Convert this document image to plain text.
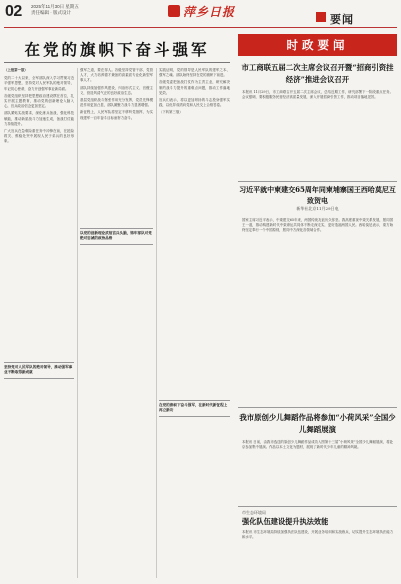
02 2025年11月30日 星期五
责任编辑 · 版式设计	萍乡日报
要闻
在党的旗帜下奋斗强军

（上接第一版）

党的二十大以来，全军部队深入学习贯彻习近平强军思想，坚持党对人民军队的绝对领导，牢记初心使命，奋力开创强军事业新局面。

各级党组织坚持把思想政治建设摆在首位，扎实开展主题教育，推动党的创新理论入脑入心，官兵政治信念更加坚定。

部队紧贴实战要求，深化练兵备战，强化科技赋能，推动新质战斗力加速生成，备战打仗能力持续提升。

广大官兵在急难险重任务中冲锋在前，在抢险救灾、维稳处突中展现人民子弟兵的良好形象。

坚持党对人民军队的绝对领导，推动强军事业不断取得新成就

强军之道，要在得人。各级坚持党管干部、党管人才，大力培养德才兼备的高素质专业化新型军事人才。

部队持续加强作风建设，纠治形式主义、官僚主义，营造风清气正的良好政治生态。

基层党组织战斗堡垒作用充分发挥，党员先锋模范作用更加凸显，部队凝聚力战斗力显著增强。

新征程上，人民军队将坚定不移听党指挥，为实现建军一百年奋斗目标而努力奋斗。

以党的创新理论武装官兵头脑，铸牢部队对党绝对忠诚的政治品格

实践证明，党的领导是人民军队的建军之本、强军之魂。部队始终坚持在党的旗帜下前进。

各级党委把备战打仗作为主责主业，研究解决制约战斗力提升的重难点问题，推动工作落地见效。

官兵们表示，将以更加昂扬的斗志投身强军实践，以优异成绩向党和人民交上合格答卷。

（下转第三版）

在党的旗帜下奋斗强军，在新时代新征程上再立新功
时政要闻
市工商联五届二次主席会议召开暨“招商引资挂经济”推进会议召开
本报讯 11月29日，市工商联召开五届二次主席会议，总结近期工作，研究部署下一阶段重点任务。会议强调，要积极服务民营经济高质量发展，深入开展招商引资工作，推动项目落地见效。
习近平就中柬建交65周年同柬埔寨国王西哈莫尼互致贺电
新华社北京11月29日电
国家主席习近平表示，中柬建交65年来，两国传统友谊历久弥坚。我高度重视中柬关系发展，愿同国王一道，推动构建新时代中柬命运共同体不断走深走实，更好造福两国人民。西哈莫尼表示，柬方始终坚定奉行一个中国原则，愿同中方深化各领域合作。
我市原创少儿舞蹈作品将参加“小荷风采”全国少儿舞蹈展演
本报讯 日前，由我市选送的原创少儿舞蹈作品成功入围第十三届“小荷风采”全国少儿舞蹈展演，将赴京参加集中展演。作品以本土文化为题材，展现了新时代少年儿童的精神风貌。
市生态环境局
强化队伍建设提升执法效能
本报讯 市生态环境局持续加强执法队伍建设，开展业务培训和实战练兵，切实提升生态环境执法能力和水平。
